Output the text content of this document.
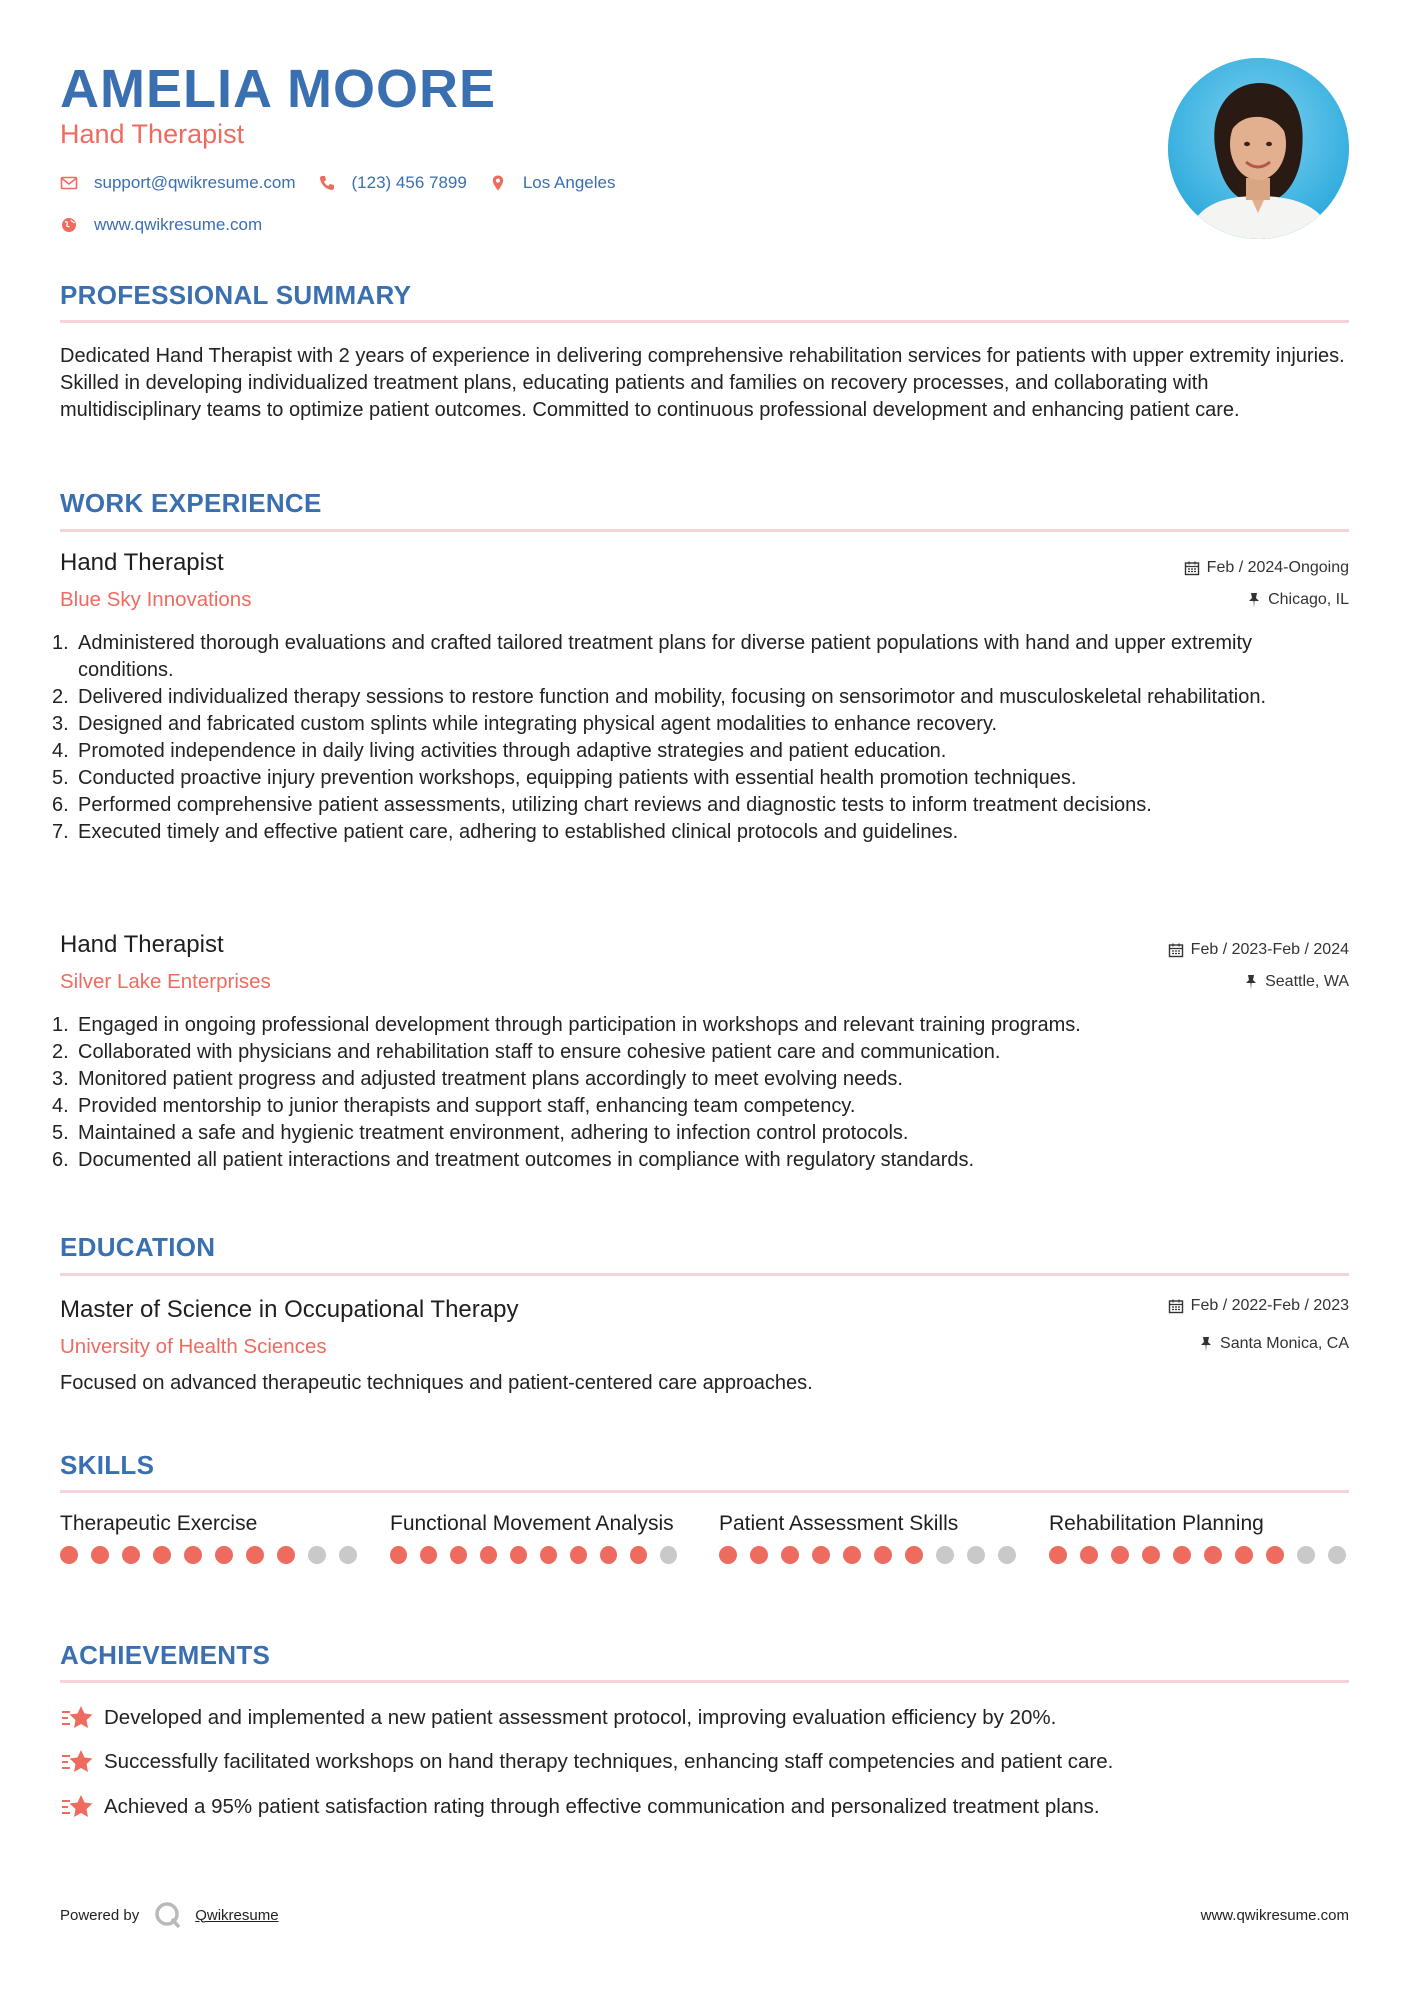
AMELIA MOORE
Hand Therapist
support@qwikresume.com	(123) 456 7899	Los Angeles
www.qwikresume.com
PROFESSIONAL SUMMARY
Dedicated Hand Therapist with 2 years of experience in delivering comprehensive rehabilitation services for patients with upper extremity injuries. Skilled in developing individualized treatment plans, educating patients and families on recovery processes, and collaborating with multidisciplinary teams to optimize patient outcomes. Committed to continuous professional development and enhancing patient care.
WORK EXPERIENCE
Hand Therapist
Blue Sky Innovations
Feb / 2024-Ongoing
Chicago, IL
1. Administered thorough evaluations and crafted tailored treatment plans for diverse patient populations with hand and upper extremity conditions.
2. Delivered individualized therapy sessions to restore function and mobility, focusing on sensorimotor and musculoskeletal rehabilitation.
3. Designed and fabricated custom splints while integrating physical agent modalities to enhance recovery.
4. Promoted independence in daily living activities through adaptive strategies and patient education.
5. Conducted proactive injury prevention workshops, equipping patients with essential health promotion techniques.
6. Performed comprehensive patient assessments, utilizing chart reviews and diagnostic tests to inform treatment decisions.
7. Executed timely and effective patient care, adhering to established clinical protocols and guidelines.
Hand Therapist
Silver Lake Enterprises
Feb / 2023-Feb / 2024
Seattle, WA
1. Engaged in ongoing professional development through participation in workshops and relevant training programs.
2. Collaborated with physicians and rehabilitation staff to ensure cohesive patient care and communication.
3. Monitored patient progress and adjusted treatment plans accordingly to meet evolving needs.
4. Provided mentorship to junior therapists and support staff, enhancing team competency.
5. Maintained a safe and hygienic treatment environment, adhering to infection control protocols.
6. Documented all patient interactions and treatment outcomes in compliance with regulatory standards.
EDUCATION
Master of Science in Occupational Therapy
University of Health Sciences
Feb / 2022-Feb / 2023
Santa Monica, CA
Focused on advanced therapeutic techniques and patient-centered care approaches.
SKILLS
Therapeutic Exercise	Functional Movement Analysis	Patient Assessment Skills	Rehabilitation Planning
ACHIEVEMENTS
Developed and implemented a new patient assessment protocol, improving evaluation efficiency by 20%.
Successfully facilitated workshops on hand therapy techniques, enhancing staff competencies and patient care.
Achieved a 95% patient satisfaction rating through effective communication and personalized treatment plans.
Powered by	Qwikresume	www.qwikresume.com
